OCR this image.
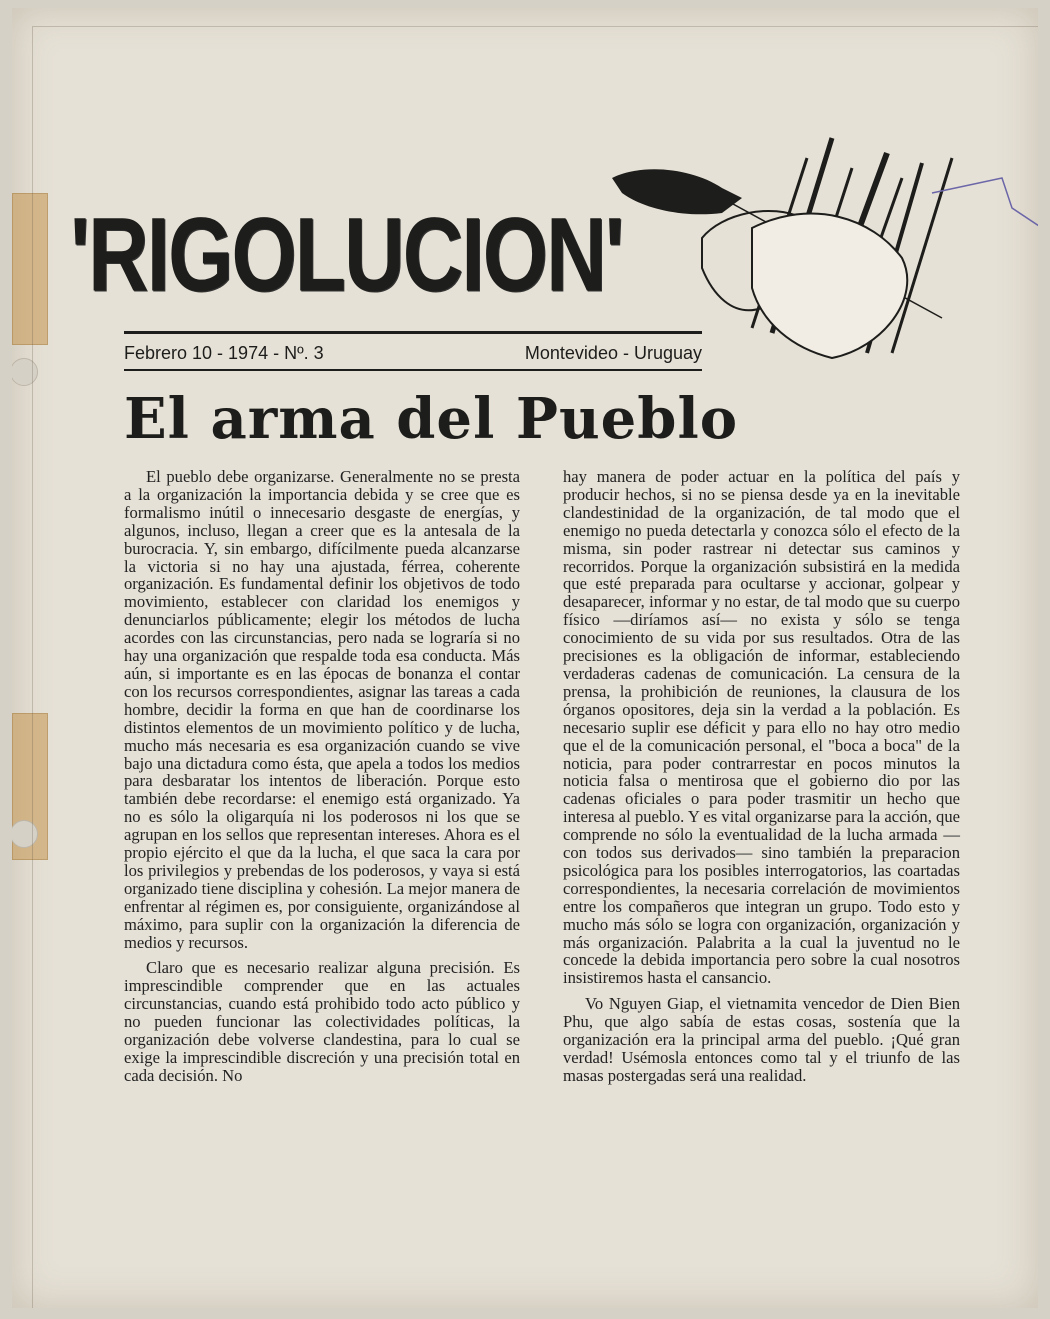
'RIGOLUCION'
Febrero 10 - 1974 - Nº. 3	Montevideo - Uruguay
El arma del Pueblo

El pueblo debe organizarse. Generalmente no se presta a la organización la importancia debida y se cree que es formalismo inútil o innecesario desgaste de energías, y algunos, incluso, llegan a creer que es la antesala de la burocracia. Y, sin embargo, difícilmente pueda alcanzarse la victoria si no hay una ajustada, férrea, coherente organización. Es fundamental definir los objetivos de todo movimiento, establecer con claridad los enemigos y denunciarlos públicamente; elegir los métodos de lucha acordes con las circunstancias, pero nada se lograría si no hay una organización que respalde toda esa conducta. Más aún, si importante es en las épocas de bonanza el contar con los recursos correspondientes, asignar las tareas a cada hombre, decidir la forma en que han de coordinarse los distintos elementos de un movimiento político y de lucha, mucho más necesaria es esa organización cuando se vive bajo una dictadura como ésta, que apela a todos los medios para desbaratar los intentos de liberación. Porque esto también debe recordarse: el enemigo está organizado. Ya no es sólo la oligarquía ni los poderosos ni los que se agrupan en los sellos que representan intereses. Ahora es el propio ejército el que da la lucha, el que saca la cara por los privilegios y prebendas de los poderosos, y vaya si está organizado tiene disciplina y cohesión. La mejor manera de enfrentar al régimen es, por consiguiente, organizándose al máximo, para suplir con la organización la diferencia de medios y recursos.

Claro que es necesario realizar alguna precisión. Es imprescindible comprender que en las actuales circunstancias, cuando está prohibido todo acto público y no pueden funcionar las colectividades políticas, la organización debe volverse clandestina, para lo cual se exige la imprescindible discreción y una precisión total en cada decisión. No

hay manera de poder actuar en la política del país y producir hechos, si no se piensa desde ya en la inevitable clandestinidad de la organización, de tal modo que el enemigo no pueda detectarla y conozca sólo el efecto de la misma, sin poder rastrear ni detectar sus caminos y recorridos. Porque la organización subsistirá en la medida que esté preparada para ocultarse y accionar, golpear y desaparecer, informar y no estar, de tal modo que su cuerpo físico —diríamos así— no exista y sólo se tenga conocimiento de su vida por sus resultados. Otra de las precisiones es la obligación de informar, estableciendo verdaderas cadenas de comunicación. La censura de la prensa, la prohibición de reuniones, la clausura de los órganos opositores, deja sin la verdad a la población. Es necesario suplir ese déficit y para ello no hay otro medio que el de la comunicación personal, el "boca a boca" de la noticia, para poder contrarrestar en pocos minutos la noticia falsa o mentirosa que el gobierno dio por las cadenas oficiales o para poder trasmitir un hecho que interesa al pueblo. Y es vital organizarse para la acción, que comprende no sólo la eventualidad de la lucha armada —con todos sus derivados— sino también la preparacion psicológica para los posibles interrogatorios, las coartadas correspondientes, la necesaria correlación de movimientos entre los compañeros que integran un grupo. Todo esto y mucho más sólo se logra con organización, organización y más organización. Palabrita a la cual la juventud no le concede la debida importancia pero sobre la cual nosotros insistiremos hasta el cansancio.

Vo Nguyen Giap, el vietnamita vencedor de Dien Bien Phu, que algo sabía de estas cosas, sostenía que la organización era la principal arma del pueblo. ¡Qué gran verdad! Usémosla entonces como tal y el triunfo de las masas postergadas será una realidad.
